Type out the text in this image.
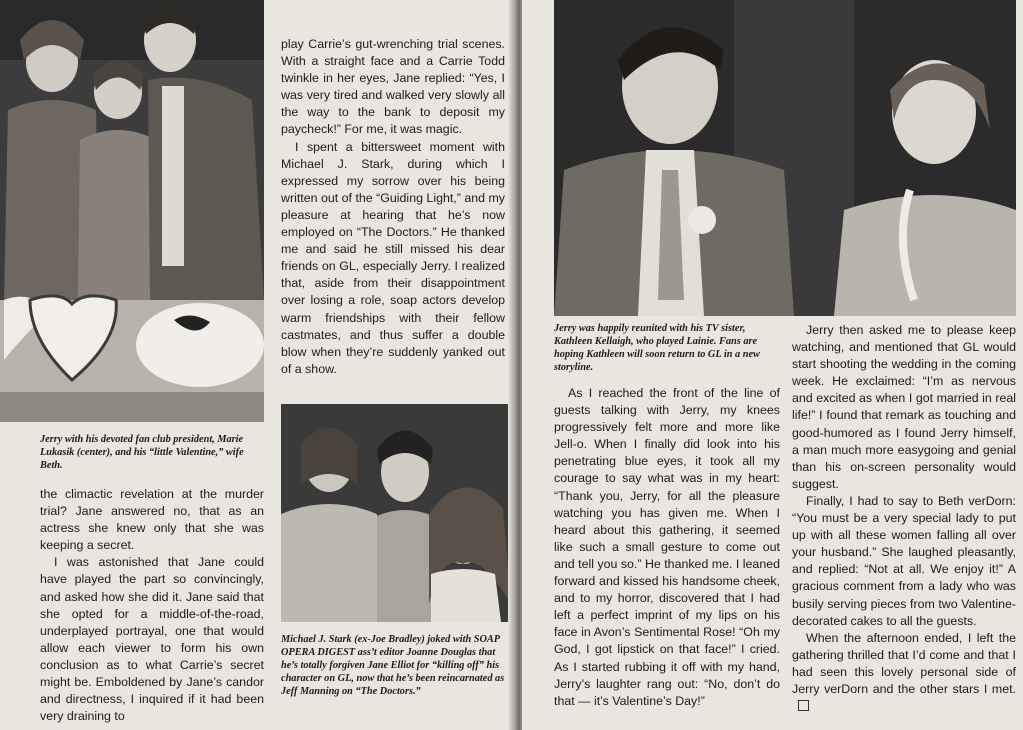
Jerry with his devoted fan club president, Marie Lukasik (center), and his “little Valentine,” wife Beth.

the climactic revelation at the murder trial? Jane answered no, that as an actress she knew only that she was keeping a secret.

I was astonished that Jane could have played the part so convincingly, and asked how she did it. Jane said that she opted for a middle-of-the-road, underplayed portrayal, one that would allow each viewer to form his own conclusion as to what Carrie’s secret might be. Emboldened by Jane’s candor and directness, I inquired if it had been very draining to

play Carrie’s gut-wrenching trial scenes. With a straight face and a Carrie Todd twinkle in her eyes, Jane replied: “Yes, I was very tired and walked very slowly all the way to the bank to deposit my paycheck!” For me, it was magic.

I spent a bittersweet moment with Michael J. Stark, during which I expressed my sorrow over his being written out of the “Guiding Light,” and my pleasure at hearing that he’s now employed on “The Doctors.” He thanked me and said he still missed his dear friends on GL, especially Jerry. I realized that, aside from their disappointment over losing a role, soap actors develop warm friendships with their fellow castmates, and thus suffer a double blow when they’re suddenly yanked out of a show.

Michael J. Stark (ex-Joe Bradley) joked with SOAP OPERA DIGEST ass’t editor Joanne Douglas that he’s totally forgiven Jane Elliot for “killing off” his character on GL, now that he’s been reincarnated as Jeff Manning on “The Doctors.”

Jerry was happily reunited with his TV sister, Kathleen Kellaigh, who played Lainie. Fans are hoping Kathleen will soon return to GL in a new storyline.

As I reached the front of the line of guests talking with Jerry, my knees progressively felt more and more like Jell-o. When I finally did look into his penetrating blue eyes, it took all my courage to say what was in my heart: “Thank you, Jerry, for all the pleasure watching you has given me. When I heard about this gathering, it seemed like such a small gesture to come out and tell you so.” He thanked me. I leaned forward and kissed his handsome cheek, and to my horror, discovered that I had left a perfect imprint of my lips on his face in Avon’s Sentimental Rose! “Oh my God, I got lipstick on that face!” I cried. As I started rubbing it off with my hand, Jerry’s laughter rang out: “No, don’t do that — it’s Valentine’s Day!”

Jerry then asked me to please keep watching, and mentioned that GL would start shooting the wedding in the coming week. He exclaimed: “I’m as nervous and excited as when I got married in real life!” I found that remark as touching and good-humored as I found Jerry himself, a man much more easygoing and genial than his on-screen personality would suggest.

Finally, I had to say to Beth verDorn: “You must be a very special lady to put up with all these women falling all over your husband.” She laughed pleasantly, and replied: “Not at all. We enjoy it!” A gracious comment from a lady who was busily serving pieces from two Valentine-decorated cakes to all the guests.

When the afternoon ended, I left the gathering thrilled that I’d come and that I had seen this lovely personal side of Jerry verDorn and the other stars I met.
